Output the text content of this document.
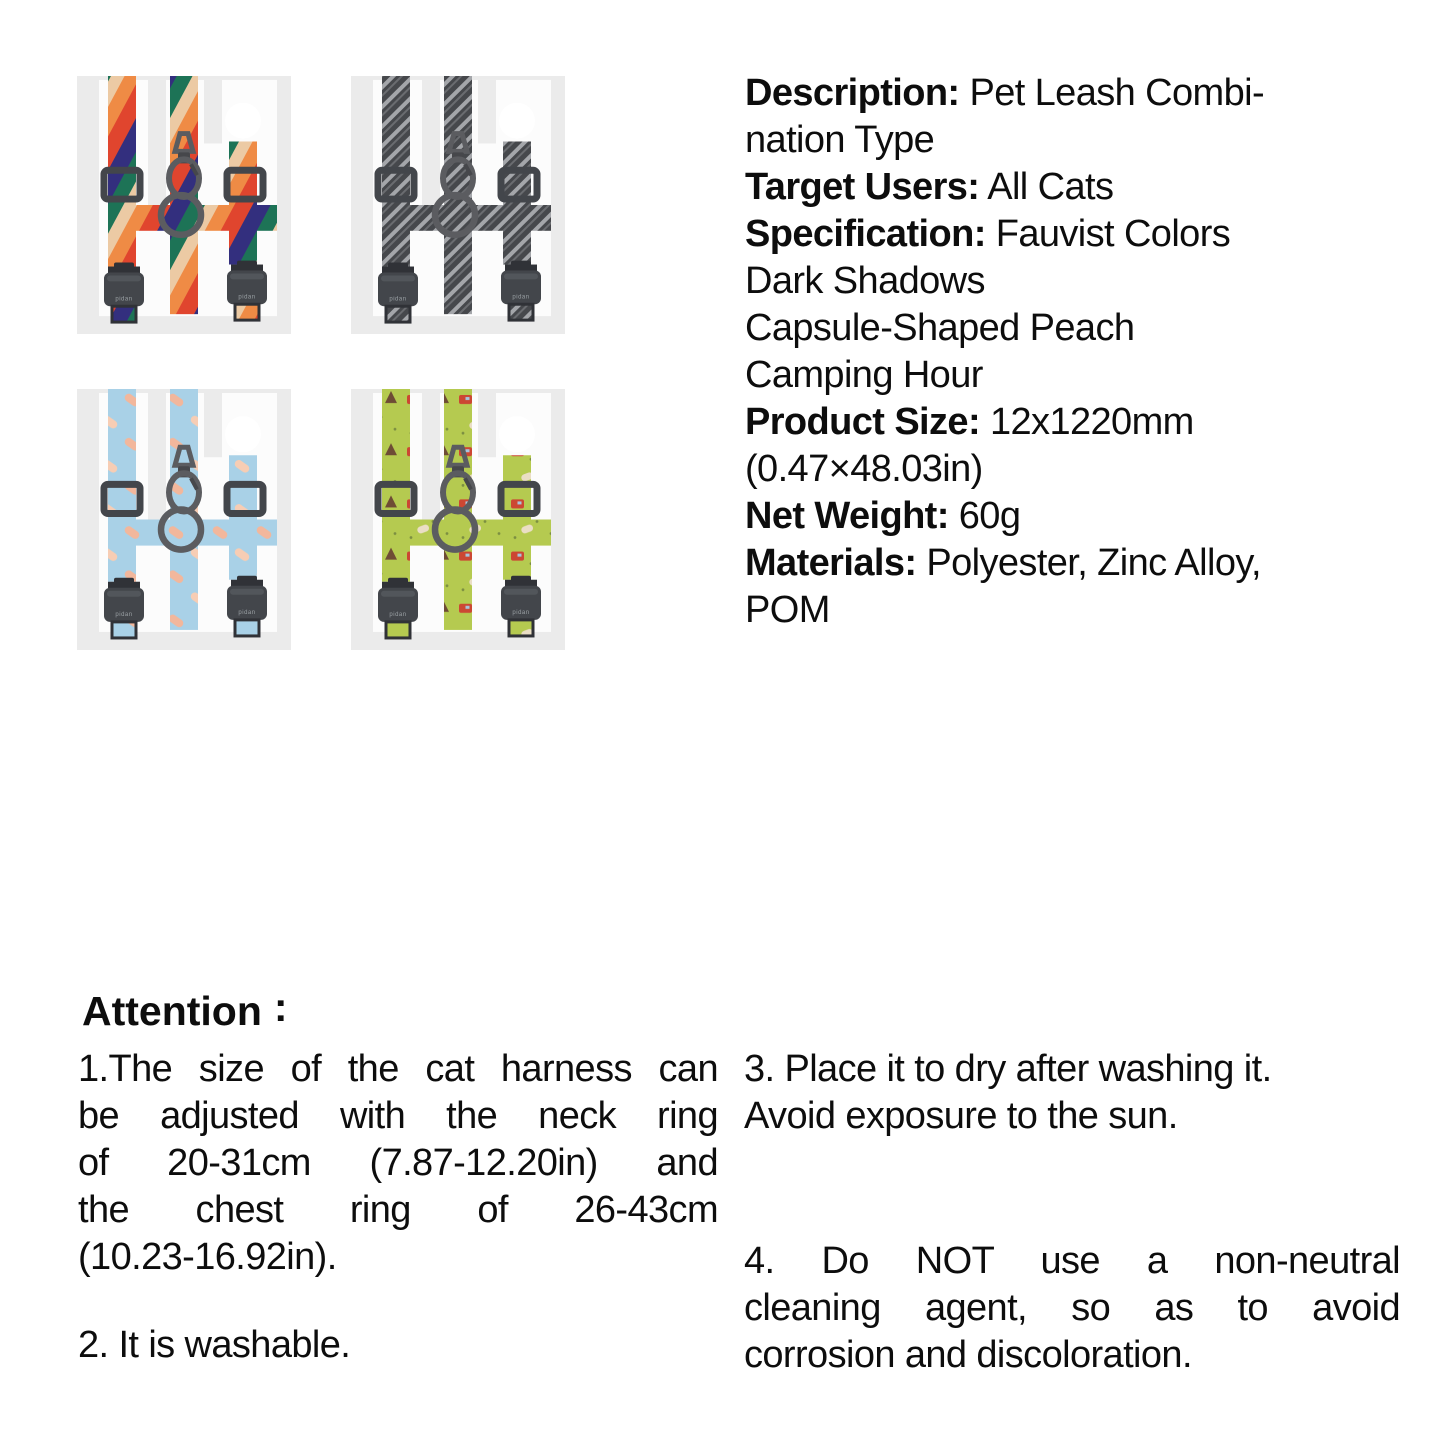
pidan	pidan	pidan	pidan
pidan	pidan	pidan	pidan
Description: Pet Leash Combi-
nation Type
Target Users: All Cats
Specification: Fauvist Colors
Dark Shadows
Capsule-Shaped Peach
Camping Hour
Product Size: 12x1220mm
(0.47×48.03in)
Net Weight: 60g
Materials: Polyester, Zinc Alloy,
POM
Attention :
1.The size of the cat harness can
be adjusted with the neck ring
of 20-31cm (7.87-12.20in) and
the chest ring of 26-43cm
(10.23-16.92in).
2. It is washable.
3. Place it to dry after washing it.
Avoid exposure to the sun.
4. Do NOT use a non-neutral
cleaning agent, so as to avoid
corrosion and discoloration.
